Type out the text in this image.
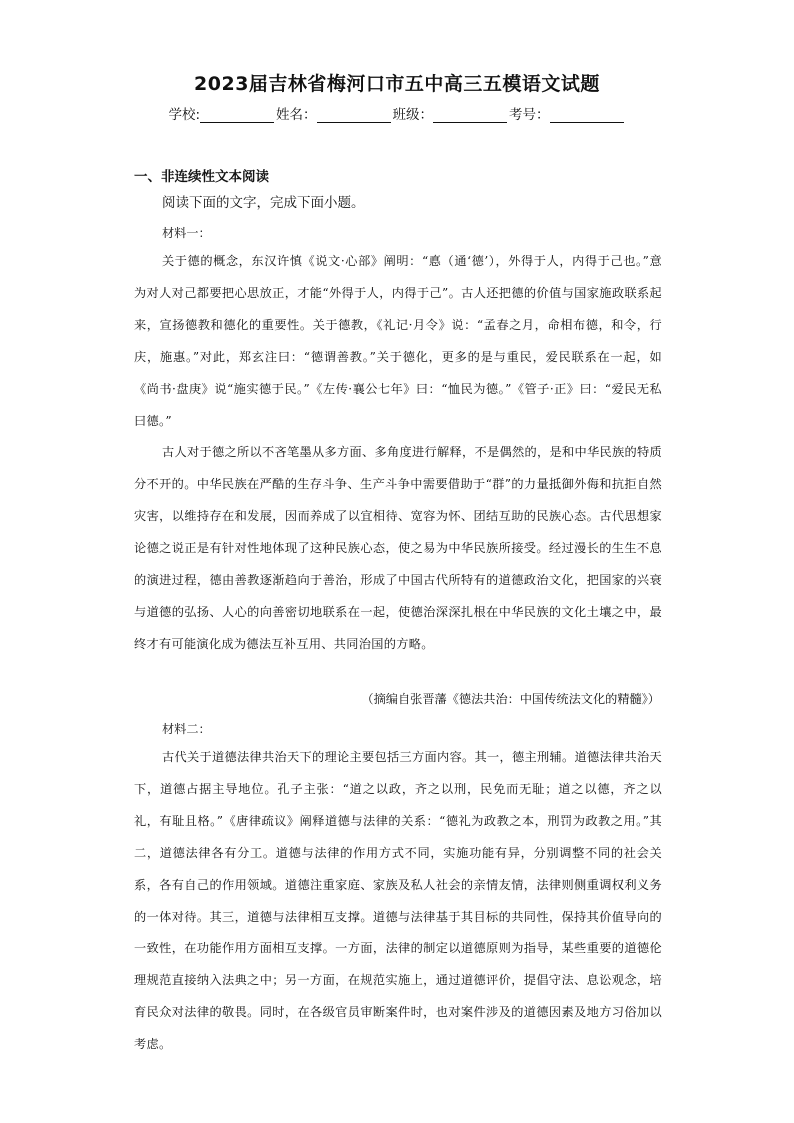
2023届吉林省梅河口市五中高三五模语文试题
学校:	姓名：	班级：	考号：
一、非连续性文本阅读
阅读下面的文字，完成下面小题。
材料一：

关于德的概念，东汉许慎《说文·心部》阐明：“悳（通‘德’），外得于人，内得于己也。”意为对人对己都要把心思放正，才能“外得于人，内得于己”。古人还把德的价值与国家施政联系起来，宣扬德教和德化的重要性。关于德教，《礼记·月令》说：“孟春之月，命相布德，和令，行庆，施惠。”对此，郑玄注曰：“德谓善教。”关于德化，更多的是与重民，爱民联系在一起，如《尚书·盘庚》说“施实德于民。”《左传·襄公七年》曰：“恤民为德。”《管子·正》曰：“爱民无私曰德。”

古人对于德之所以不吝笔墨从多方面、多角度进行解释，不是偶然的，是和中华民族的特质分不开的。中华民族在严酷的生存斗争、生产斗争中需要借助于“群”的力量抵御外侮和抗拒自然灾害，以维持存在和发展，因而养成了以宜相待、宽容为怀、团结互助的民族心态。古代思想家论德之说正是有针对性地体现了这种民族心态，使之易为中华民族所接受。经过漫长的生生不息的演进过程，德由善教逐渐趋向于善治，形成了中国古代所特有的道德政治文化，把国家的兴衰与道德的弘扬、人心的向善密切地联系在一起，使德治深深扎根在中华民族的文化土壤之中，最终才有可能演化成为德法互补互用、共同治国的方略。

（摘编自张晋藩《德法共治：中国传统法文化的精髓》）
材料二：

古代关于道德法律共治天下的理论主要包括三方面内容。其一，德主刑辅。道德法律共治天下，道德占据主导地位。孔子主张：“道之以政，齐之以刑，民免而无耻；道之以德，齐之以礼，有耻且格。”《唐律疏议》阐释道德与法律的关系：“德礼为政教之本，刑罚为政教之用。”其二，道德法律各有分工。道德与法律的作用方式不同，实施功能有异，分别调整不同的社会关系，各有自己的作用领域。道德注重家庭、家族及私人社会的亲情友情，法律则侧重调权利义务的一体对待。其三，道德与法律相互支撑。道德与法律基于其目标的共同性，保持其价值导向的一致性，在功能作用方面相互支撑。一方面，法律的制定以道德原则为指导，某些重要的道德伦理规范直接纳入法典之中；另一方面，在规范实施上，通过道德评价，提倡守法、息讼观念，培育民众对法律的敬畏。同时，在各级官员审断案件时，也对案件涉及的道德因素及地方习俗加以考虑。
